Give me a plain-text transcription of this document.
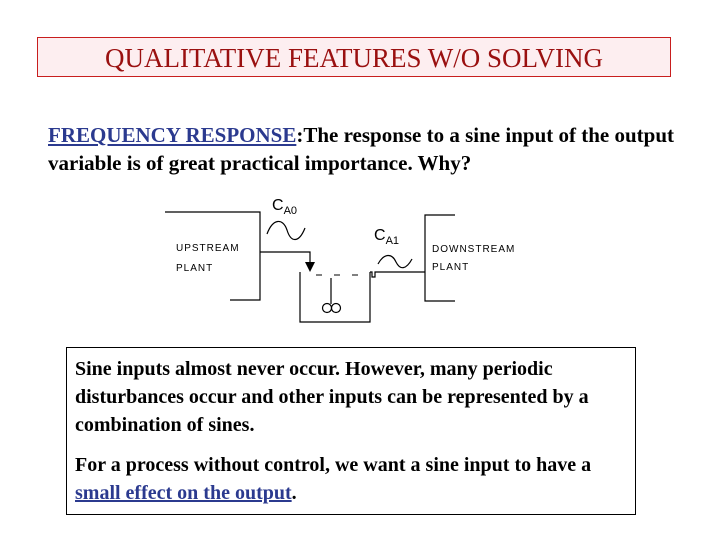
QUALITATIVE FEATURES W/O SOLVING

FREQUENCY RESPONSE:The response to a sine input of the output variable is of great practical importance. Why?

$C_{A0}$
$C_{A1}$
UPSTREAM
PLANT
DOWNSTREAM
PLANT

Sine inputs almost never occur. However, many periodic disturbances occur and other inputs can be represented by a combination of sines.

For a process without control, we want a sine input to have a small effect on the output.
